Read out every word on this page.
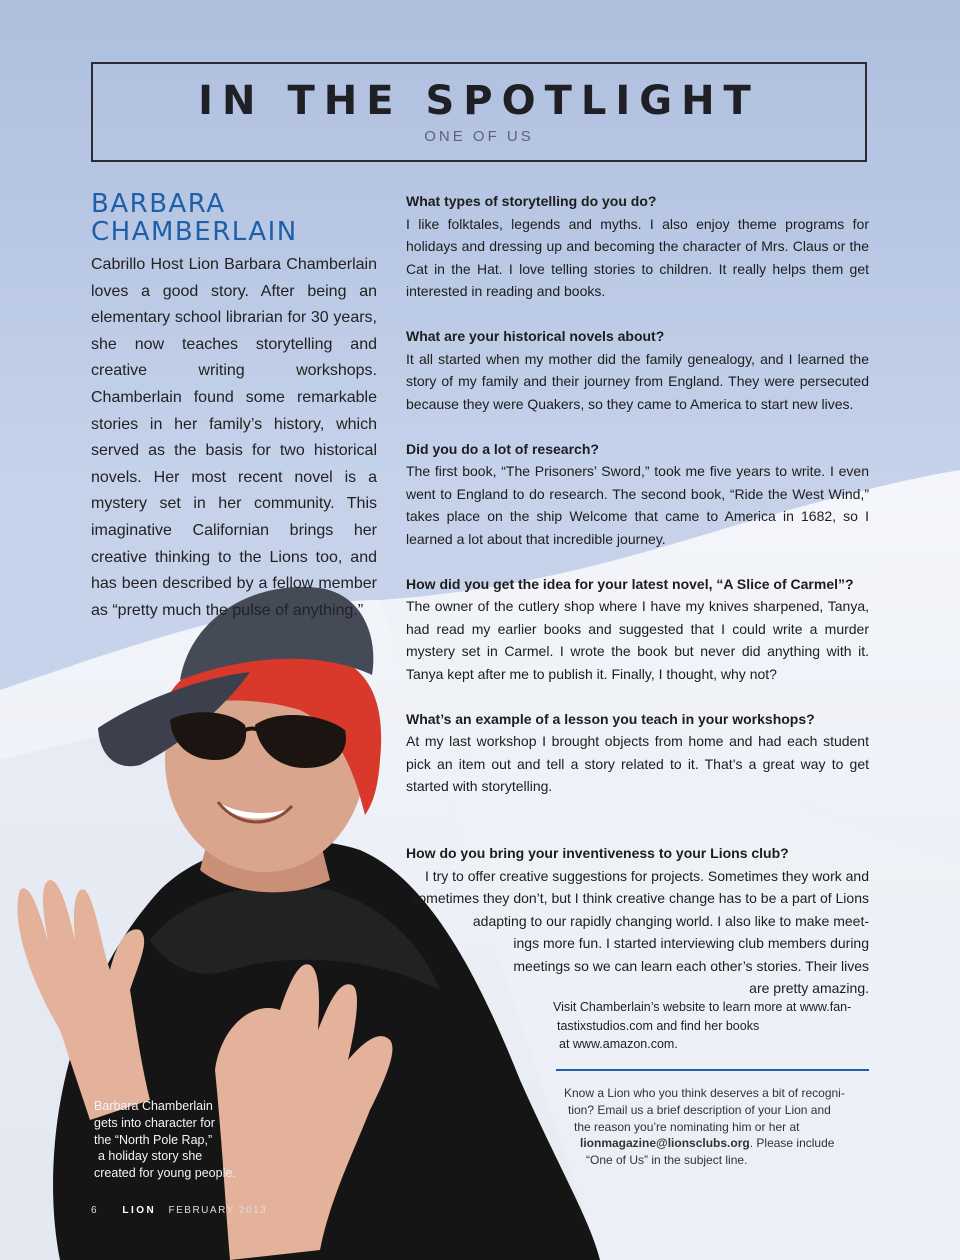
IN THE SPOTLIGHT
ONE OF US
BARBARA
CHAMBERLAIN
Cabrillo Host Lion Barbara Chamberlain loves a good story. After being an elementary school librarian for 30 years, she now teaches storytelling and creative writing workshops. Chamberlain found some remarkable stories in her family’s history, which served as the basis for two historical novels. Her most recent novel is a mystery set in her community. This imaginative Californian brings her creative thinking to the Lions too, and has been described by a fellow member as “pretty much the pulse of anything.”

What types of storytelling do you do?

I like folktales, legends and myths. I also enjoy theme programs for holidays and dressing up and becoming the character of Mrs. Claus or the Cat in the Hat. I love telling stories to children. It really helps them get interested in reading and books.

What are your historical novels about?

It all started when my mother did the family genealogy, and I learned the story of my family and their journey from England. They were persecuted because they were Quakers, so they came to America to start new lives.

Did you do a lot of research?

The first book, “The Prisoners’ Sword,” took me five years to write. I even went to England to do research. The second book, “Ride the West Wind,” takes place on the ship Welcome that came to America in 1682, so I learned a lot about that incredible journey.

How did you get the idea for your latest novel, “A Slice of Carmel”?

The owner of the cutlery shop where I have my knives sharpened, Tanya, had read my earlier books and suggested that I could write a murder mystery set in Carmel. I wrote the book but never did anything with it. Tanya kept after me to publish it. Finally, I thought, why not?

What’s an example of a lesson you teach in your workshops?

At my last workshop I brought objects from home and had each student pick an item out and tell a story related to it. That’s a great way to get started with storytelling.

How do you bring your inventiveness to your Lions club?

I try to offer creative suggestions for projects. Sometimes they work and
sometimes they don’t, but I think creative change has to be a part of Lions
adapting to our rapidly changing world. I also like to make meet-
ings more fun. I started interviewing club members during
meetings so we can learn each other’s stories. Their lives
are pretty amazing.
Visit Chamberlain’s website to learn more at www.fan-
tastixstudios.com and find her books
at www.amazon.com.
Know a Lion who you think deserves a bit of recogni-
tion? Email us a brief description of your Lion and
the reason you’re nominating him or her at
lionmagazine@lionsclubs.org. Please include
“One of Us” in the subject line.
Barbara Chamberlain
gets into character for
the “North Pole Rap,”
a holiday story she
created for young people.
6 LION FEBRUARY 2013
